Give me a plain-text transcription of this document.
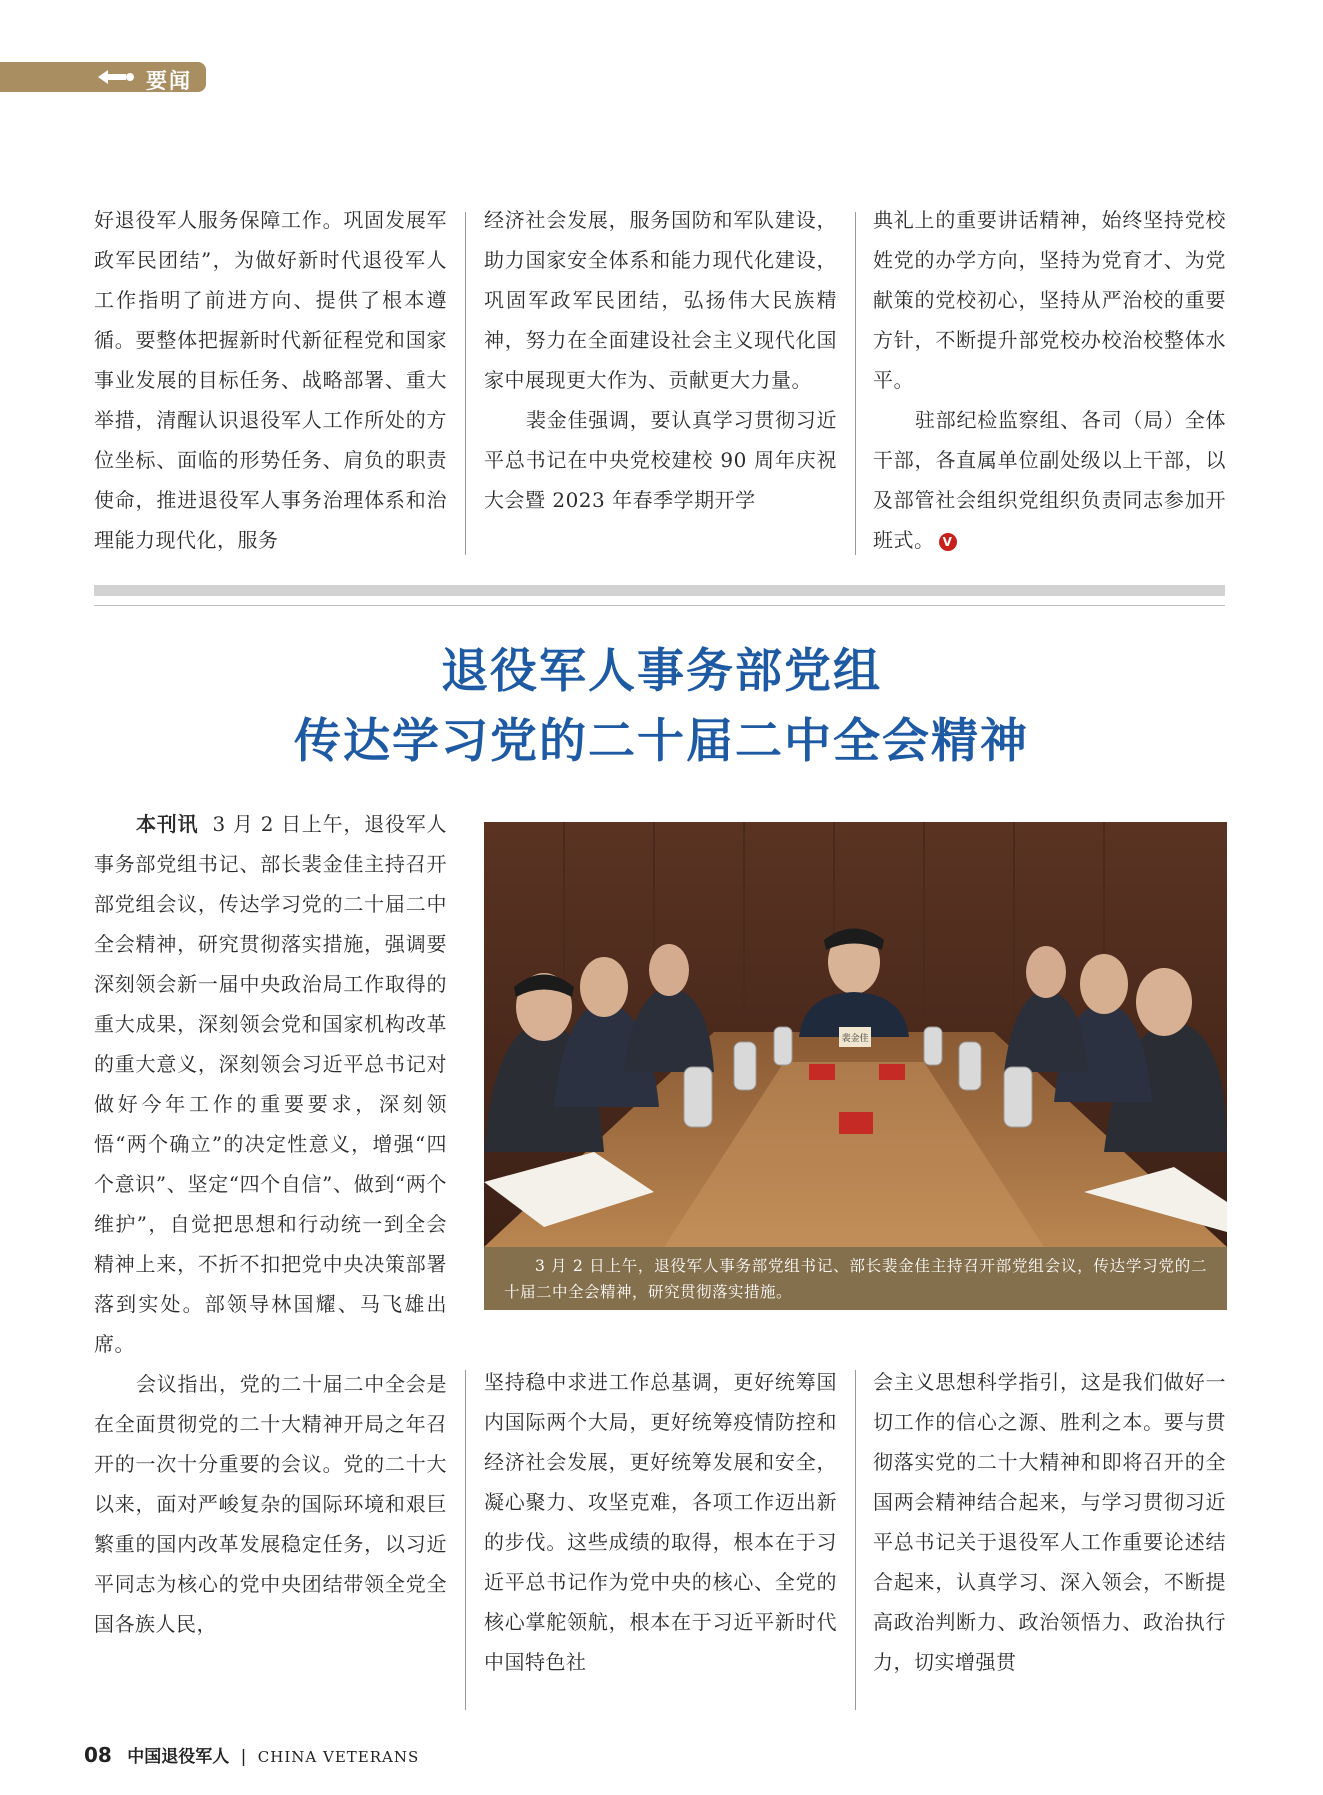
要闻

好退役军人服务保障工作。巩固发展军政军民团结”，为做好新时代退役军人工作指明了前进方向、提供了根本遵循。要整体把握新时代新征程党和国家事业发展的目标任务、战略部署、重大举措，清醒认识退役军人工作所处的方位坐标、面临的形势任务、肩负的职责使命，推进退役军人事务治理体系和治理能力现代化，服务

经济社会发展，服务国防和军队建设，助力国家安全体系和能力现代化建设，巩固军政军民团结，弘扬伟大民族精神，努力在全面建设社会主义现代化国家中展现更大作为、贡献更大力量。

裴金佳强调，要认真学习贯彻习近平总书记在中央党校建校 90 周年庆祝大会暨 2023 年春季学期开学

典礼上的重要讲话精神，始终坚持党校姓党的办学方向，坚持为党育才、为党献策的党校初心，坚持从严治校的重要方针，不断提升部党校办校治校整体水平。

驻部纪检监察组、各司（局）全体干部，各直属单位副处级以上干部，以及部管社会组织党组织负责同志参加开班式。 V

退役军人事务部党组
传达学习党的二十届二中全会精神

本刊讯 3 月 2 日上午，退役军人事务部党组书记、部长裴金佳主持召开部党组会议，传达学习党的二十届二中全会精神，研究贯彻落实措施，强调要深刻领会新一届中央政治局工作取得的重大成果，深刻领会党和国家机构改革的重大意义，深刻领会习近平总书记对做好今年工作的重要要求，深刻领悟“两个确立”的决定性意义，增强“四个意识”、坚定“四个自信”、做到“两个维护”，自觉把思想和行动统一到全会精神上来，不折不扣把党中央决策部署落到实处。部领导林国耀、马飞雄出席。

会议指出，党的二十届二中全会是在全面贯彻党的二十大精神开局之年召开的一次十分重要的会议。党的二十大以来，面对严峻复杂的国际环境和艰巨繁重的国内改革发展稳定任务，以习近平同志为核心的党中央团结带领全党全国各族人民，

裴金佳
3 月 2 日上午，退役军人事务部党组书记、部长裴金佳主持召开部党组会议，传达学习党的二十届二中全会精神，研究贯彻落实措施。

坚持稳中求进工作总基调，更好统筹国内国际两个大局，更好统筹疫情防控和经济社会发展，更好统筹发展和安全，凝心聚力、攻坚克难，各项工作迈出新的步伐。这些成绩的取得，根本在于习近平总书记作为党中央的核心、全党的核心掌舵领航，根本在于习近平新时代中国特色社

会主义思想科学指引，这是我们做好一切工作的信心之源、胜利之本。要与贯彻落实党的二十大精神和即将召开的全国两会精神结合起来，与学习贯彻习近平总书记关于退役军人工作重要论述结合起来，认真学习、深入领会，不断提高政治判断力、政治领悟力、政治执行力，切实增强贯

08 中国退役军人 | CHINA VETERANS
